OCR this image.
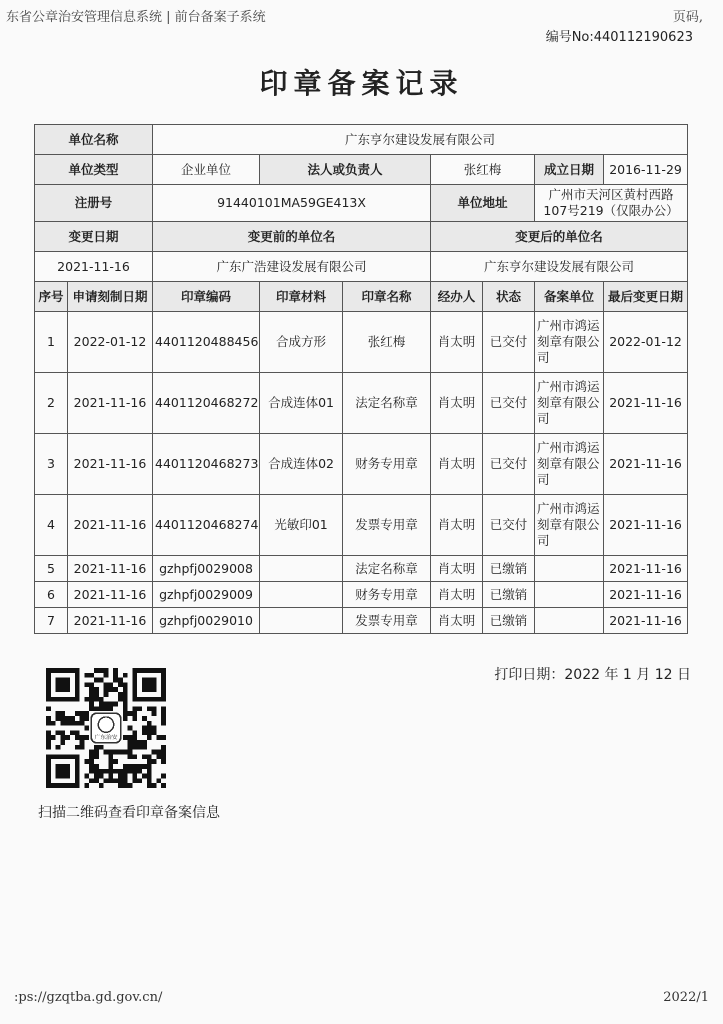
东省公章治安管理信息系统 | 前台备案子系统	页码,
编号No:440112190623
印章备案记录
单位名称		广东亨尔建设发展有限公司						
单位类型		企业单位	法人或负责人		张红梅		成立日期	2016-11-29
注册号		91440101MA59GE413X			单位地址		广州市天河区黄村西路107号219（仅限办公）	
变更日期		变更前的单位名			变更后的单位名			
2021-11-16		广东广浩建设发展有限公司			广东亨尔建设发展有限公司			
序号	申请刻制日期	印章编码	印章材料	印章名称	经办人	状态	备案单位	最后变更日期
1	2022-01-12	4401120488456	合成方形	张红梅	肖太明	已交付	广州市鸿运刻章有限公司	2022-01-12
2	2021-11-16	4401120468272	合成连体01	法定名称章	肖太明	已交付	广州市鸿运刻章有限公司	2021-11-16
3	2021-11-16	4401120468273	合成连体02	财务专用章	肖太明	已交付	广州市鸿运刻章有限公司	2021-11-16
4	2021-11-16	4401120468274	光敏印01	发票专用章	肖太明	已交付	广州市鸿运刻章有限公司	2021-11-16
5	2021-11-16	gzhpfj0029008		法定名称章	肖太明	已缴销		2021-11-16
6	2021-11-16	gzhpfj0029009		财务专用章	肖太明	已缴销		2021-11-16
7	2021-11-16	gzhpfj0029010		发票专用章	肖太明	已缴销		2021-11-16
打印日期：2022 年 1 月 12 日
广东治安
扫描二维码查看印章备案信息
:ps://gzqtba.gd.gov.cn/	2022/1
